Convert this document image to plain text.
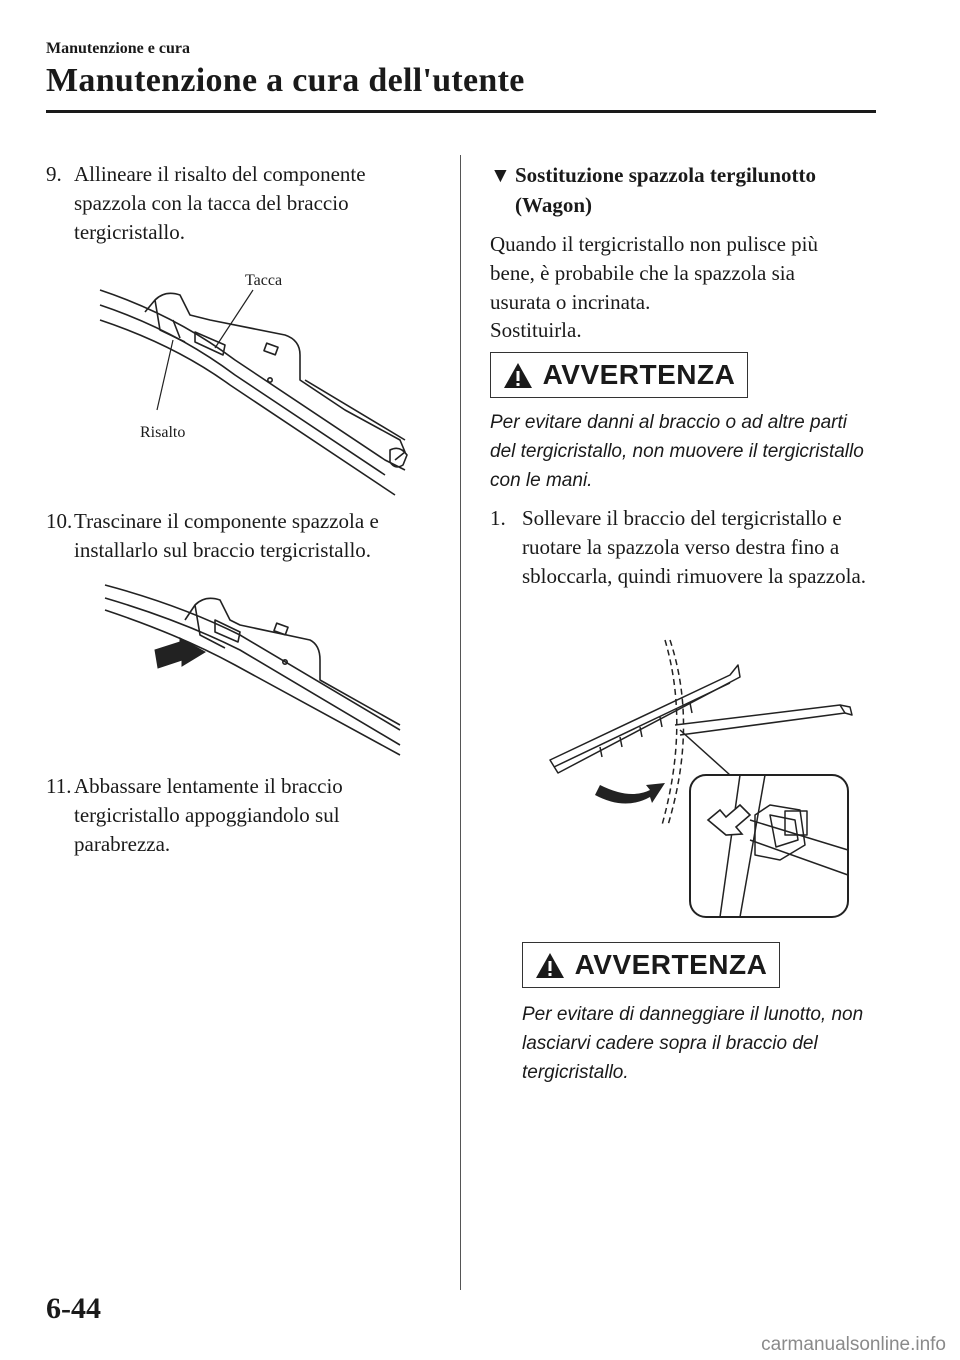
Manutenzione e cura
Manutenzione a cura dell'utente
9. Allineare il risalto del componente spazzola con la tacca del braccio tergicristallo.
Tacca
Risalto
10. Trascinare il componente spazzola e installarlo sul braccio tergicristallo.
11. Abbassare lentamente il braccio tergicristallo appoggiandolo sul parabrezza.
▼ Sostituzione spazzola tergilunotto (Wagon)
Quando il tergicristallo non pulisce più bene, è probabile che la spazzola sia usurata o incrinata.
Sostituirla.
AVVERTENZA
Per evitare danni al braccio o ad altre parti del tergicristallo, non muovere il tergicristallo con le mani.
1. Sollevare il braccio del tergicristallo e ruotare la spazzola verso destra fino a sbloccarla, quindi rimuovere la spazzola.
AVVERTENZA
Per evitare di danneggiare il lunotto, non lasciarvi cadere sopra il braccio del tergicristallo.
6-44
carmanualsonline.info
